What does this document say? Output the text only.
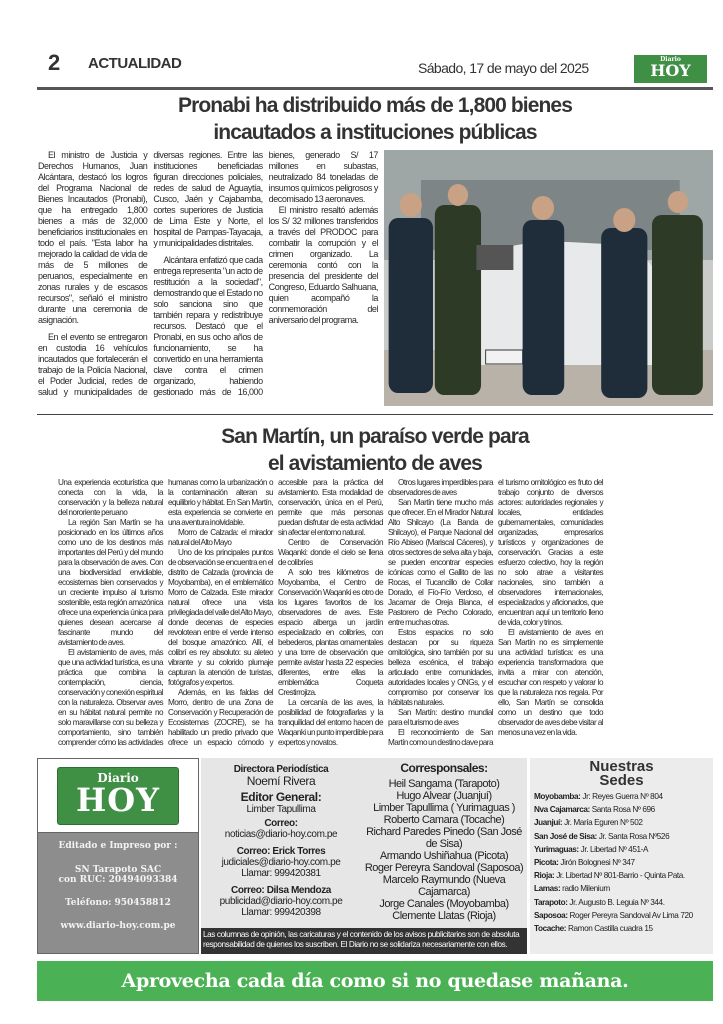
2 ACTUALIDAD	Sábado, 17 de mayo del 2025
Diario
HOY
Pronabi ha distribuido más de 1,800 bienes
incautados a instituciones públicas

El ministro de Justicia y Derechos Humanos, Juan Alcántara, destacó los logros del Programa Nacional de Bienes Incautados (Pronabi), que ha entregado 1,800 bienes a más de 32,000 beneficiarios institucionales en todo el país. "Esta labor ha mejorado la calidad de vida de más de 5 millones de peruanos, especialmente en zonas rurales y de escasos recursos", señaló el ministro durante una ceremonia de asignación.

En el evento se entregaron en custodia 16 vehículos incautados que fortalecerán el trabajo de la Policía Nacional, el Poder Judicial, redes de salud y municipalidades de diversas regiones. Entre las instituciones beneficiadas figuran direcciones policiales, redes de salud de Aguaytía, Cusco, Jaén y Cajabamba, cortes superiores de Justicia de Lima Este y Norte, el hospital de Pampas-Tayacaja, y municipalidades distritales.

Alcántara enfatizó que cada entrega representa "un acto de restitución a la sociedad", demostrando que el Estado no solo sanciona sino que también repara y redistribuye recursos. Destacó que el Pronabi, en sus ocho años de funcionamiento, se ha convertido en una herramienta clave contra el crimen organizado, habiendo gestionado más de 16,000 bienes, generado S/ 17 millones en subastas, neutralizado 84 toneladas de insumos químicos peligrosos y decomisado 13 aeronaves.

El ministro resaltó además los S/ 32 millones transferidos a través del PRODOC para combatir la corrupción y el crimen organizado. La ceremonia contó con la presencia del presidente del Congreso, Eduardo Salhuana, quien acompañó la conmemoración del aniversario del programa.

San Martín, un paraíso verde para
el avistamiento de aves

Una experiencia ecoturística que conecta con la vida, la conservación y la belleza natural del nororiente peruano

La región San Martín se ha posicionado en los últimos años como uno de los destinos más importantes del Perú y del mundo para la observación de aves. Con una biodiversidad envidiable, ecosistemas bien conservados y un creciente impulso al turismo sostenible, esta región amazónica ofrece una experiencia única para quienes desean acercarse al fascinante mundo del avistamiento de aves.

El avistamiento de aves, más que una actividad turística, es una práctica que combina la contemplación, ciencia, conservación y conexión espiritual con la naturaleza. Observar aves en su hábitat natural permite no solo maravillarse con su belleza y comportamiento, sino también comprender cómo las actividades humanas como la urbanización o la contaminación alteran su equilibrio y hábitat. En San Martín, esta experiencia se convierte en una aventura inolvidable.

Morro de Calzada: el mirador natural del Alto Mayo

Uno de los principales puntos de observación se encuentra en el distrito de Calzada (provincia de Moyobamba), en el emblemático Morro de Calzada. Este mirador natural ofrece una vista privilegiada del valle del Alto Mayo, donde decenas de especies revolotean entre el verde intenso del bosque amazónico. Allí, el colibrí es rey absoluto: su aleteo vibrante y su colorido plumaje capturan la atención de turistas, fotógrafos y expertos.

Además, en las faldas del Morro, dentro de una Zona de Conservación y Recuperación de Ecosistemas (ZOCRE), se ha habilitado un predio privado que ofrece un espacio cómodo y accesible para la práctica del avistamiento. Esta modalidad de conservación, única en el Perú, permite que más personas puedan disfrutar de esta actividad sin afectar el entorno natural.

Centro de Conservación Waqanki: donde el cielo se llena de colibríes

A solo tres kilómetros de Moyobamba, el Centro de Conservación Waqanki es otro de los lugares favoritos de los observadores de aves. Este espacio alberga un jardín especializado en colibríes, con bebederos, plantas ornamentales y una torre de observación que permite avistar hasta 22 especies diferentes, entre ellas la emblemática Coqueta Crestirrojiza.

La cercanía de las aves, la posibilidad de fotografiarlas y la tranquilidad del entorno hacen de Waqanki un punto imperdible para expertos y novatos.

Otros lugares imperdibles para observadores de aves

San Martín tiene mucho más que ofrecer. En el Mirador Natural Alto Shilcayo (La Banda de Shilcayo), el Parque Nacional del Río Abiseo (Mariscal Cáceres), y otros sectores de selva alta y baja, se pueden encontrar especies icónicas como el Gallito de las Rocas, el Tucancillo de Collar Dorado, el Fío-Fío Verdoso, el Jacamar de Oreja Blanca, el Pastorero de Pecho Colorado, entre muchas otras.

Estos espacios no solo destacan por su riqueza ornitológica, sino también por su belleza escénica, el trabajo articulado entre comunidades, autoridades locales y ONGs, y el compromiso por conservar los hábitats naturales.

San Martín: destino mundial para el turismo de aves

El reconocimiento de San Martín como un destino clave para el turismo ornitológico es fruto del trabajo conjunto de diversos actores: autoridades regionales y locales, entidades gubernamentales, comunidades organizadas, empresarios turísticos y organizaciones de conservación. Gracias a este esfuerzo colectivo, hoy la región no solo atrae a visitantes nacionales, sino también a observadores internacionales, especializados y aficionados, que encuentran aquí un territorio lleno de vida, color y trinos.

El avistamiento de aves en San Martín no es simplemente una actividad turística: es una experiencia transformadora que invita a mirar con atención, escuchar con respeto y valorar lo que la naturaleza nos regala. Por ello, San Martín se consolida como un destino que todo observador de aves debe visitar al menos una vez en la vida.

Diario
HOY
Editado e Impreso por :
SN Tarapoto SAC
con RUC: 20494093384
Teléfono: 950458812
www.diario-hoy.com.pe
Directora Periodística
Noemí Rivera
Editor General:
Limber Tapullima
Correo:
noticias@diario-hoy.com.pe
Correo: Erick Torres
judiciales@diario-hoy.com.pe
Llamar: 999420381
Correo: Dilsa Mendoza
publicidad@diario-hoy.com.pe
Llamar: 999420398
Corresponsales:
Heil Sangama (Tarapoto)
Hugo Alvear (Juanjuí)
Limber Tapullima ( Yurimaguas )
Roberto Camara (Tocache)
Richard Paredes Pinedo (San José de Sisa)
Armando Ushiñahua (Picota)
Roger Pereyra Sandoval (Saposoa)
Marcelo Raymundo (Nueva Cajamarca)
Jorge Canales (Moyobamba)
Clemente Llatas (Rioja)
Las columnas de opinión, las caricaturas y el contenido de los avisos publicitarios son de absoluta responsabilidad de quienes los suscriben. El Diario no se solidariza necesariamente con ellos.
Nuestras
Sedes
Moyobamba: Jr: Reyes Guerra Nº 804
Nva Cajamarca: Santa Rosa Nº 696
Juanjuí: Jr. María Eguren Nº 502
San José de Sisa: Jr. Santa Rosa Nº526
Yurimaguas: Jr. Libertad Nº 451-A
Picota: Jirón Bolognesi Nº 347
Rioja: Jr. Libertad Nº 801-Barrio - Quinta Pata.
Lamas: radio Milenium
Tarapoto: Jr. Augusto B. Leguia Nº 344.
Saposoa: Roger Pereyra Sandoval Av Lima 720
Tocache: Ramon Castilla cuadra 15
Aprovecha cada día como si no quedase mañana.
